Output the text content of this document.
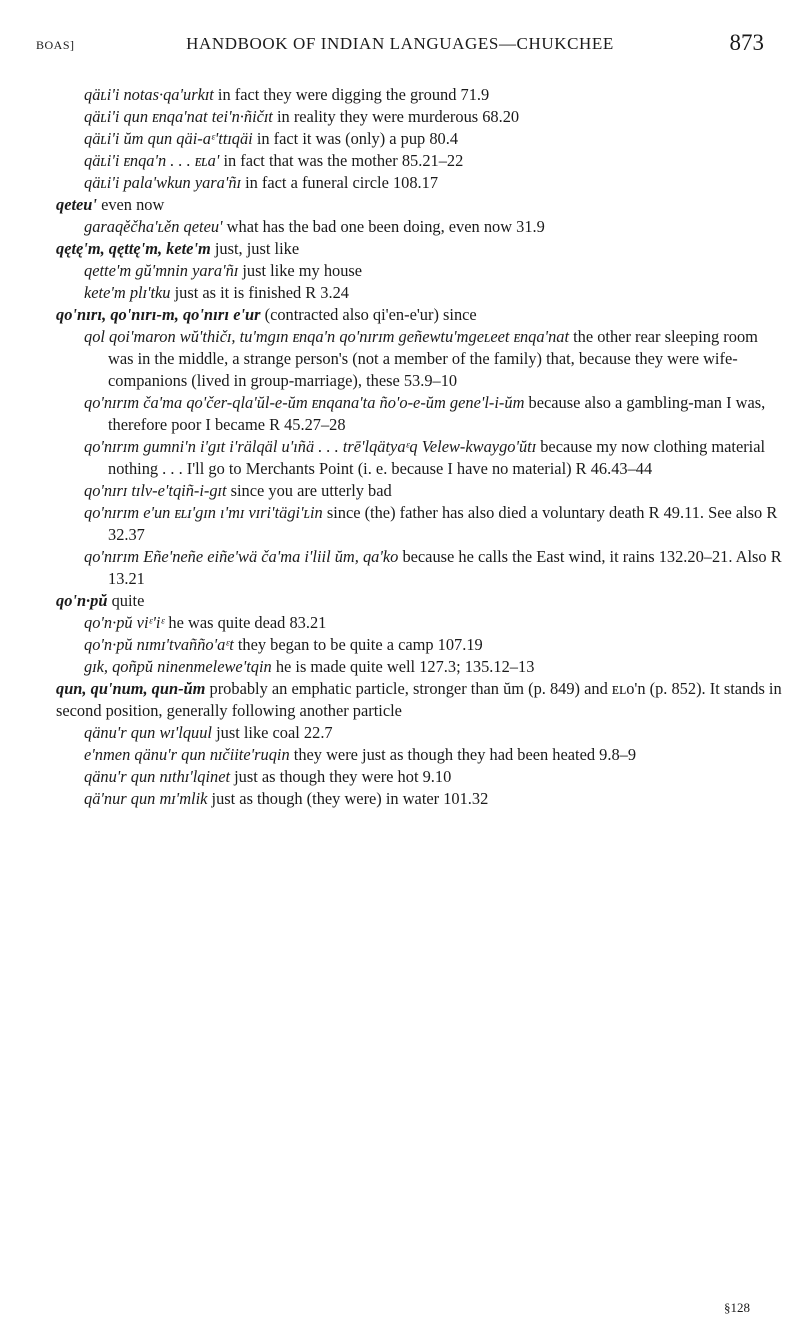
BOAS]	HANDBOOK OF INDIAN LANGUAGES—CHUKCHEE	873

qäʟi'i notas·qa'urkɪt in fact they were digging the ground 71.9

qäʟi'i qun ᴇnqa'nat tei'n·ñičɪt in reality they were murderous 68.20

qäʟi'i ŭm qun qäi-aᵋ'ttɪqäi in fact it was (only) a pup 80.4

qäʟi'i ᴇnqa'n . . . ᴇʟa' in fact that was the mother 85.21–22

qäʟi'i pala'wkun yara'ñɪ in fact a funeral circle 108.17

qeteu' even now

garaqěčha'ʟěn qeteu' what has the bad one been doing, even now 31.9

qętę'm, qęttę'm, kete'm just, just like

qette'm gŭ'mnin yara'ñɪ just like my house

kete'm plɪ'tku just as it is finished R 3.24

qo'nɪrɪ, qo'nɪrɪ-m, qo'nɪrɪ e'ur (contracted also qi'en-e'ur) since

qol qoi'maron wŭ'thičɪ, tu'mgɪn ᴇnqa'n qo'nɪrɪm geñewtu'mgeʟeet ᴇnqa'nat the other rear sleeping room was in the middle, a strange person's (not a member of the family) that, because they were wife-companions (lived in group-marriage), these 53.9–10

qo'nɪrɪm ča'ma qo'čer-qla'ŭl-e-ŭm ᴇnqana'ta ño'o-e-ŭm gene'l-i-ŭm because also a gambling-man I was, therefore poor I became R 45.27–28

qo'nɪrɪm gumni'n i'gɪt i'rälqäl u'ıñä . . . trē'lqätyaᵋq Velew-kwaygo'ŭtɪ because my now clothing material nothing . . . I'll go to Merchants Point (i. e. because I have no material) R 46.43–44

qo'nɪrɪ tɪlv-e'tqiñ-i-gɪt since you are utterly bad

qo'nɪrɪm e'un ᴇʟɪ'gɪn ı'mɪ vɪri'tägi'ʟin since (the) father has also died a voluntary death R 49.11. See also R 32.37

qo'nɪrɪm Eñe'neñe eiñe'wä ča'ma i'liil ŭm, qa'ko because he calls the East wind, it rains 132.20–21. Also R 13.21

qo'n·pŭ quite

qo'n·pŭ viᵋ'iᵋ he was quite dead 83.21

qo'n·pŭ nɪmɪ'tvañño'aᵋt they began to be quite a camp 107.19

gɪk, qoñpŭ ninenmelewe'tqin he is made quite well 127.3; 135.12–13

qun, qu'num, qun-ŭm probably an emphatic particle, stronger than ŭm (p. 849) and ᴇʟo'n (p. 852). It stands in second position, generally following another particle

qänu'r qun wɪ'lquul just like coal 22.7

e'nmen qänu'r qun nɪčiite'ruqin they were just as though they had been heated 9.8–9

qänu'r qun nɪthɪ'lqinet just as though they were hot 9.10

qä'nur qun mɪ'mlik just as though (they were) in water 101.32

§128
